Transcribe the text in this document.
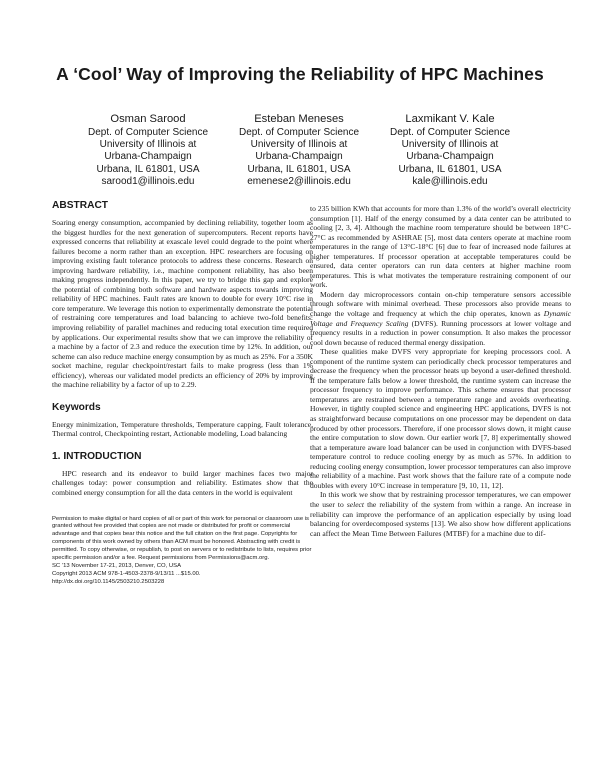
A ‘Cool’ Way of Improving the Reliability of HPC Machines
Osman Sarood
Dept. of Computer Science
University of Illinois at
Urbana-Champaign
Urbana, IL 61801, USA
sarood1@illinois.edu
Esteban Meneses
Dept. of Computer Science
University of Illinois at
Urbana-Champaign
Urbana, IL 61801, USA
emenese2@illinois.edu
Laxmikant V. Kale
Dept. of Computer Science
University of Illinois at
Urbana-Champaign
Urbana, IL 61801, USA
kale@illinois.edu
ABSTRACT

Soaring energy consumption, accompanied by declining reliability, together loom as the biggest hurdles for the next generation of supercomputers. Recent reports have expressed concerns that reliability at exascale level could degrade to the point where failures become a norm rather than an exception. HPC researchers are focusing on improving existing fault tolerance protocols to address these concerns. Research on improving hardware reliability, i.e., machine component reliability, has also been making progress independently. In this paper, we try to bridge this gap and explore the potential of combining both software and hardware aspects towards improving reliability of HPC machines. Fault rates are known to double for every 10°C rise in core temperature. We leverage this notion to experimentally demonstrate the potential of restraining core temperatures and load balancing to achieve two-fold benefits: improving reliability of parallel machines and reducing total execution time required by applications. Our experimental results show that we can improve the reliability of a machine by a factor of 2.3 and reduce the execution time by 12%. In addition, our scheme can also reduce machine energy consumption by as much as 25%. For a 350K socket machine, regular checkpoint/restart fails to make progress (less than 1% efficiency), whereas our validated model predicts an efficiency of 20% by improving the machine reliability by a factor of up to 2.29.

Keywords

Energy minimization, Temperature thresholds, Temperature capping, Fault tolerance, Thermal control, Checkpointing restart, Actionable modeling, Load balancing

1. INTRODUCTION

HPC research and its endeavor to build larger machines faces two major challenges today: power consumption and reliability. Estimates show that the combined energy consumption for all the data centers in the world is equivalent

Permission to make digital or hard copies of all or part of this work for personal or classroom use is granted without fee provided that copies are not made or distributed for profit or commercial advantage and that copies bear this notice and the full citation on the first page. Copyrights for components of this work owned by others than ACM must be honored. Abstracting with credit is permitted. To copy otherwise, or republish, to post on servers or to redistribute to lists, requires prior specific permission and/or a fee. Request permissions from Permissions@acm.org.

SC ’13 November 17-21, 2013, Denver, CO, USA

Copyright 2013 ACM 978-1-4503-2378-9/13/11 ...$15.00.

http://dx.doi.org/10.1145/2503210.2503228

to 235 billion KWh that accounts for more than 1.3% of the world’s overall electricity consumption [1]. Half of the energy consumed by a data center can be attributed to cooling [2, 3, 4]. Although the machine room temperature should be between 18°C-27°C as recommended by ASHRAE [5], most data centers operate at machine room temperatures in the range of 13°C-18°C [6] due to fear of increased node failures at higher temperatures. If processor operation at acceptable temperatures could be ensured, data center operators can run data centers at higher machine room temperatures. This is what motivates the temperature restraining component of our work.

Modern day microprocessors contain on-chip temperature sensors accessible through software with minimal overhead. These processors also provide means to change the voltage and frequency at which the chip operates, known as Dynamic Voltage and Frequency Scaling (DVFS). Running processors at lower voltage and frequency results in a reduction in power consumption. It also makes the processor cool down because of reduced thermal energy dissipation.

These qualities make DVFS very appropriate for keeping processors cool. A component of the runtime system can periodically check processor temperatures and decrease the frequency when the processor heats up beyond a user-defined threshold. If the temperature falls below a lower threshold, the runtime system can increase the processor frequency to improve performance. This scheme ensures that processor temperatures are restrained between a temperature range and avoids overheating. However, in tightly coupled science and engineering HPC applications, DVFS is not as straightforward because computations on one processor may be dependent on data produced by other processors. Therefore, if one processor slows down, it might cause the entire computation to slow down. Our earlier work [7, 8] experimentally showed that a temperature aware load balancer can be used in conjunction with DVFS-based temperature control to reduce cooling energy by as much as 57%. In addition to reducing cooling energy consumption, lower processor temperatures can also improve the reliability of a machine. Past work shows that the failure rate of a compute node doubles with every 10°C increase in temperature [9, 10, 11, 12].

In this work we show that by restraining processor temperatures, we can empower the user to select the reliability of the system from within a range. An increase in reliability can improve the performance of an application especially by using load balancing for overdecomposed systems [13]. We also show how different applications can affect the Mean Time Between Failures (MTBF) for a machine due to dif-
